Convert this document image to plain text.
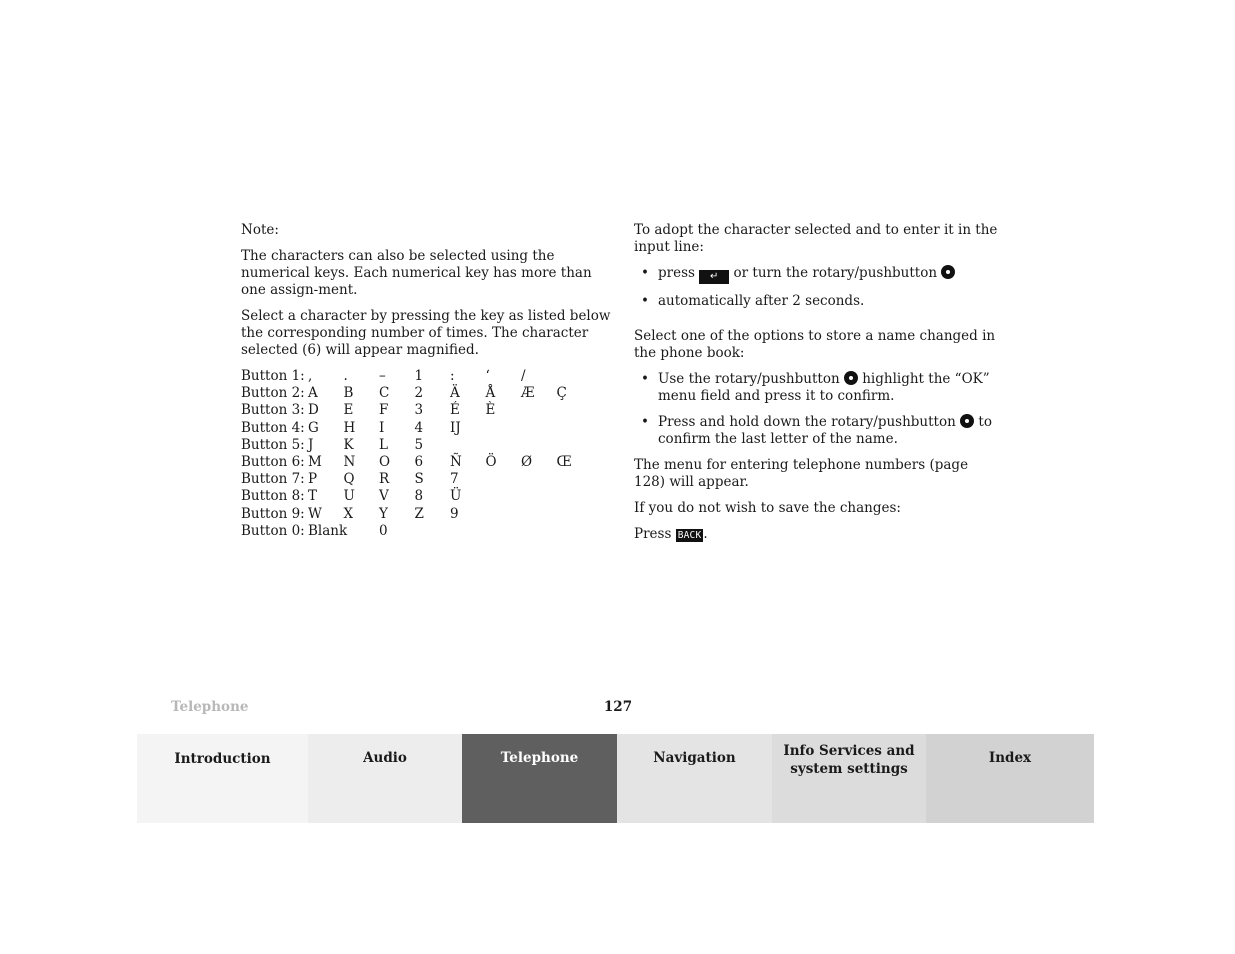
Note:

The characters can also be selected using the numerical keys. Each numerical key has more than one assign-ment.

Select a character by pressing the key as listed below the corresponding number of times. The character selected (6) will appear magnified.

Button 1:	,	.	–	1	:	‘	/	
Button 2:	A	B	C	2	Ä	Å	Æ	Ç
Button 3:	D	E	F	3	É	È		
Button 4:	G	H	I	4	IJ			
Button 5:	J	K	L	5				
Button 6:	M	N	O	6	Ñ	Ö	Ø	Œ
Button 7:	P	Q	R	S	7			
Button 8:	T	U	V	8	Ü			
Button 9:	W	X	Y	Z	9			
Button 0:	Blank		0					

To adopt the character selected and to enter it in the input line:

• press ↵ or turn the rotary/pushbutton
• automatically after 2 seconds.

Select one of the options to store a name changed in the phone book:

• Use the rotary/pushbutton highlight the “OK” menu field and press it to confirm.
• Press and hold down the rotary/pushbutton to confirm the last letter of the name.

The menu for entering telephone numbers (page 128) will appear.

If you do not wish to save the changes:

Press BACK .

Telephone	127
Introduction	Audio	Telephone	Navigation	Info Services and
system settings
Index
